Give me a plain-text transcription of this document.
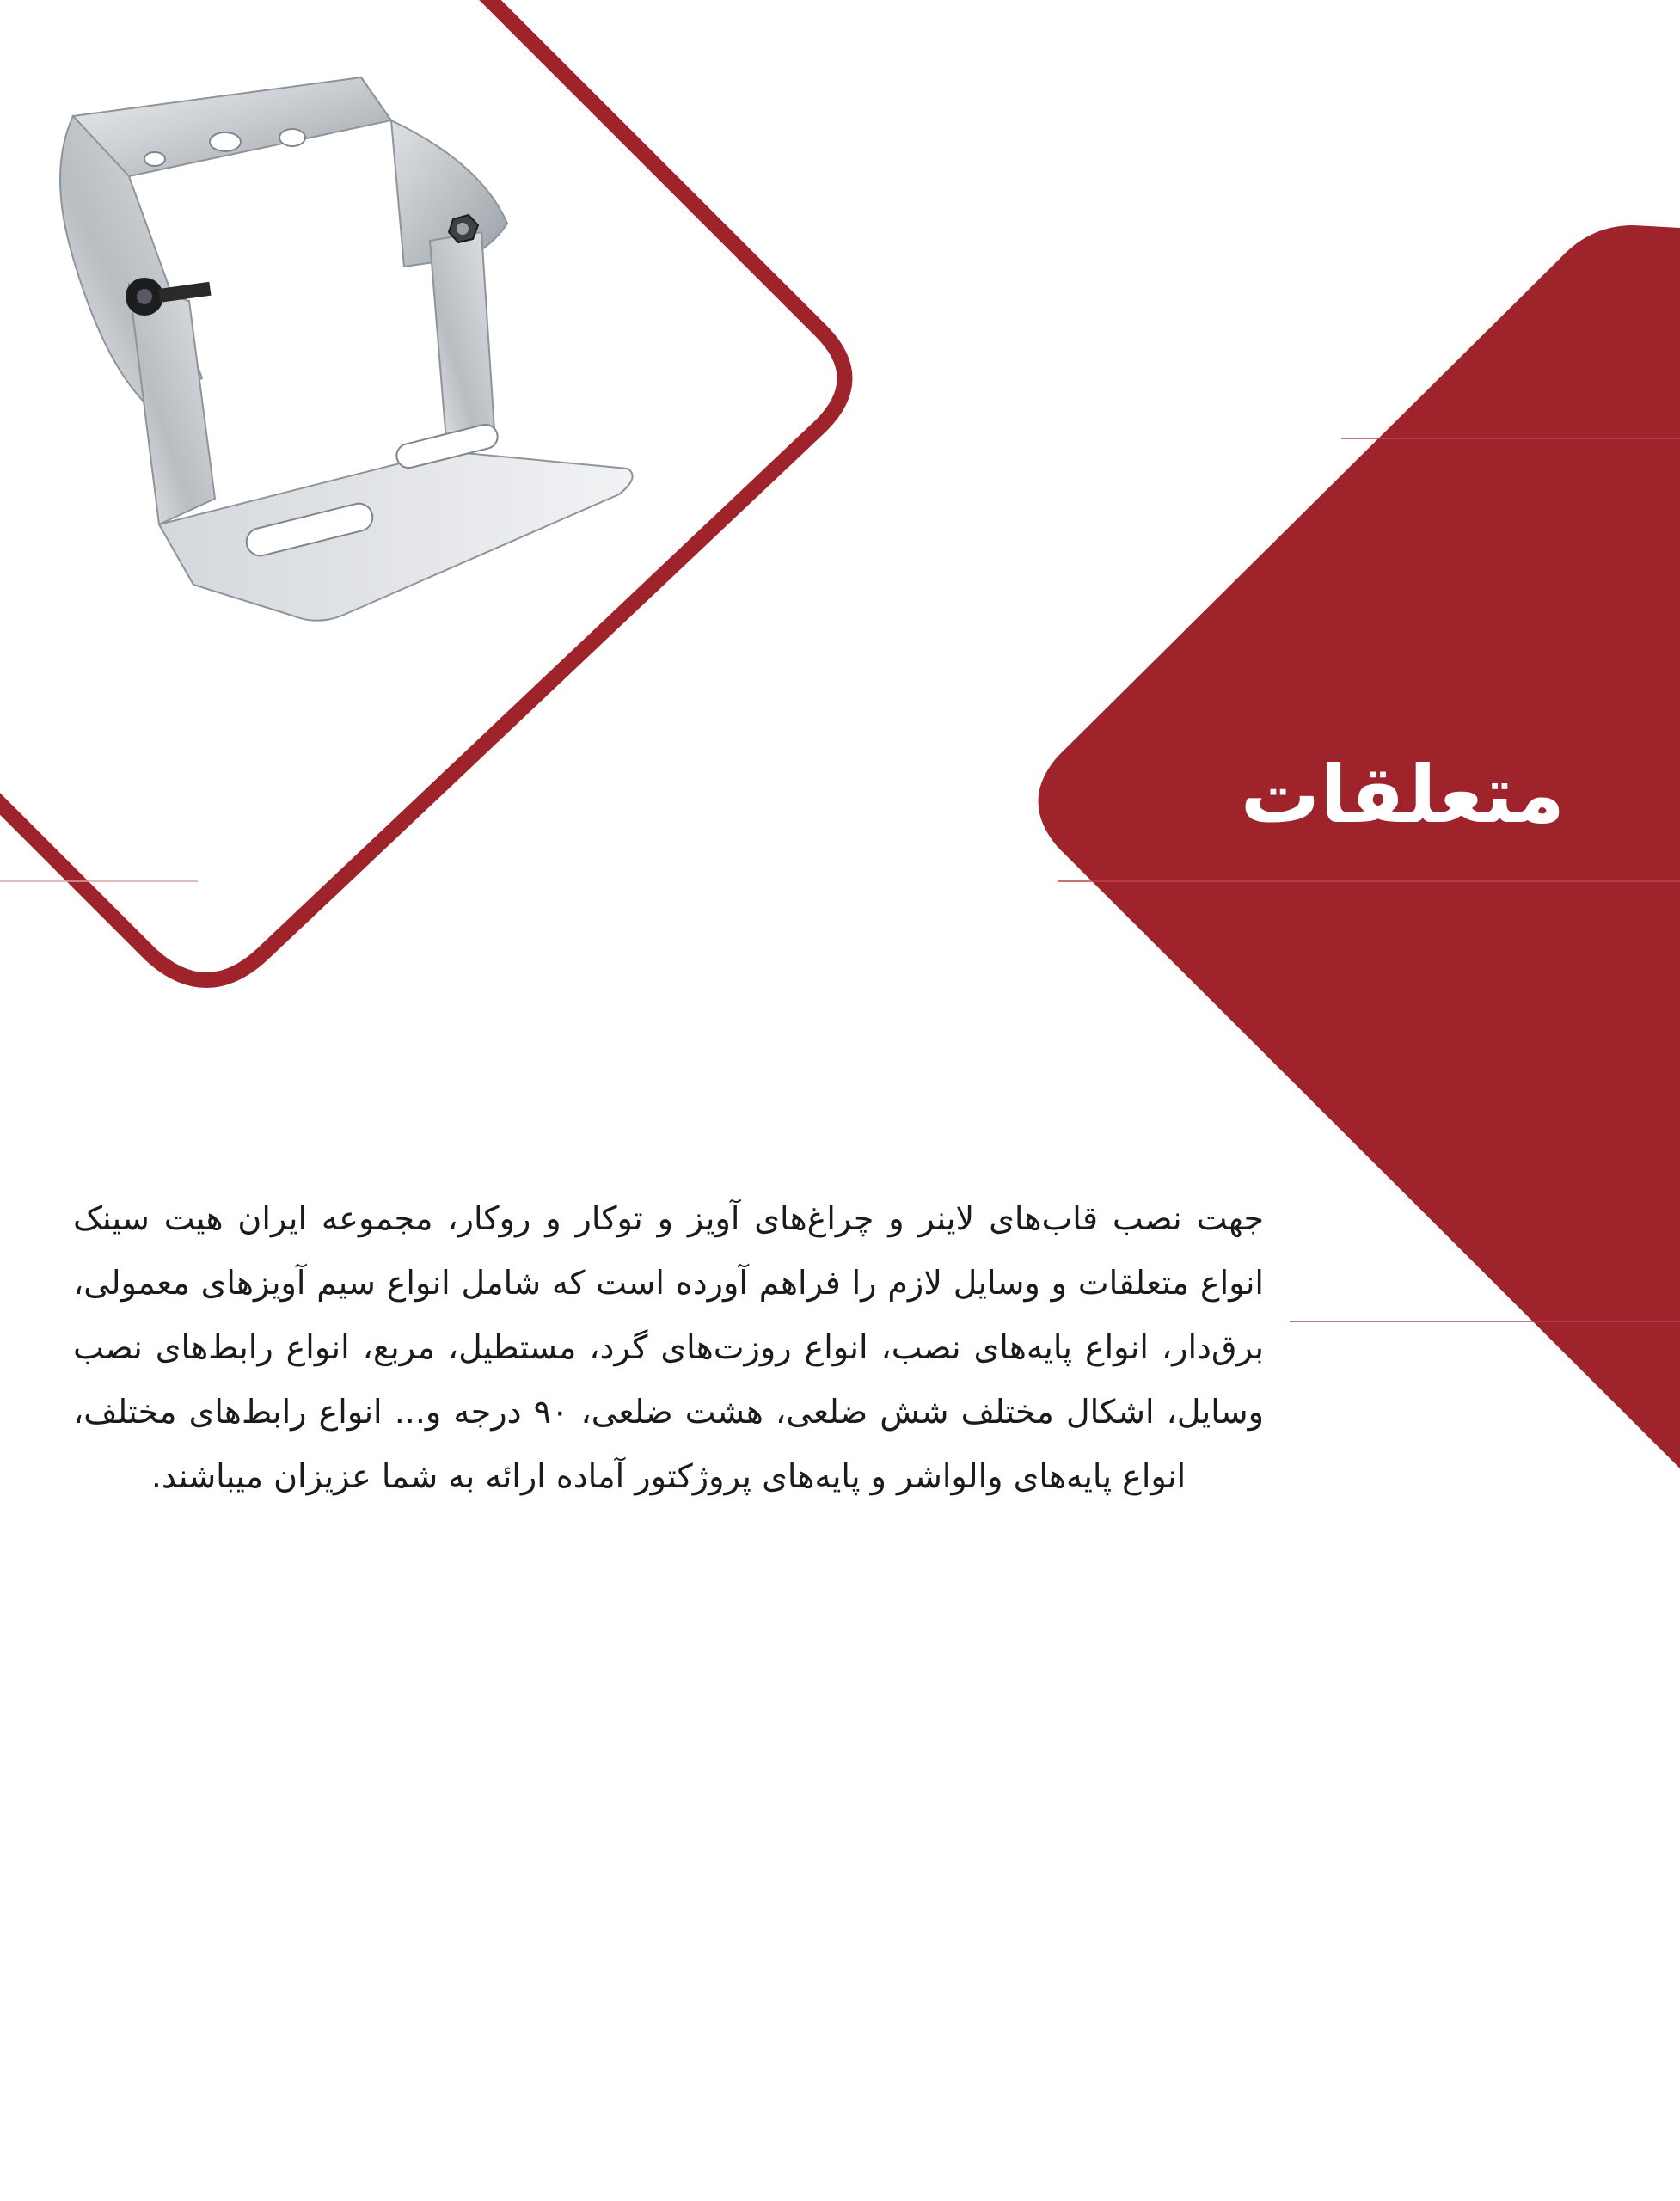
متعلقات
جهت نصب قاب‌های لاینر و چراغ‌های آویز و توکار و روکار، مجموعه ایران هیت سینک انواع متعلقات و وسایل لازم را فراهم آورده است که شامل انواع سیم آویزهای معمولی، برق‌دار، انواع پایه‌های نصب، انواع روزت‌های گرد، مستطیل، مربع، انواع رابط‌های نصب وسایل، اشکال مختلف شش ضلعی، هشت ضلعی، ۹۰ درجه و... انواع رابط‌های مختلف، انواع پایه‌های والواشر و پایه‌های پروژکتور آماده ارائه به شما عزیزان میباشند.
